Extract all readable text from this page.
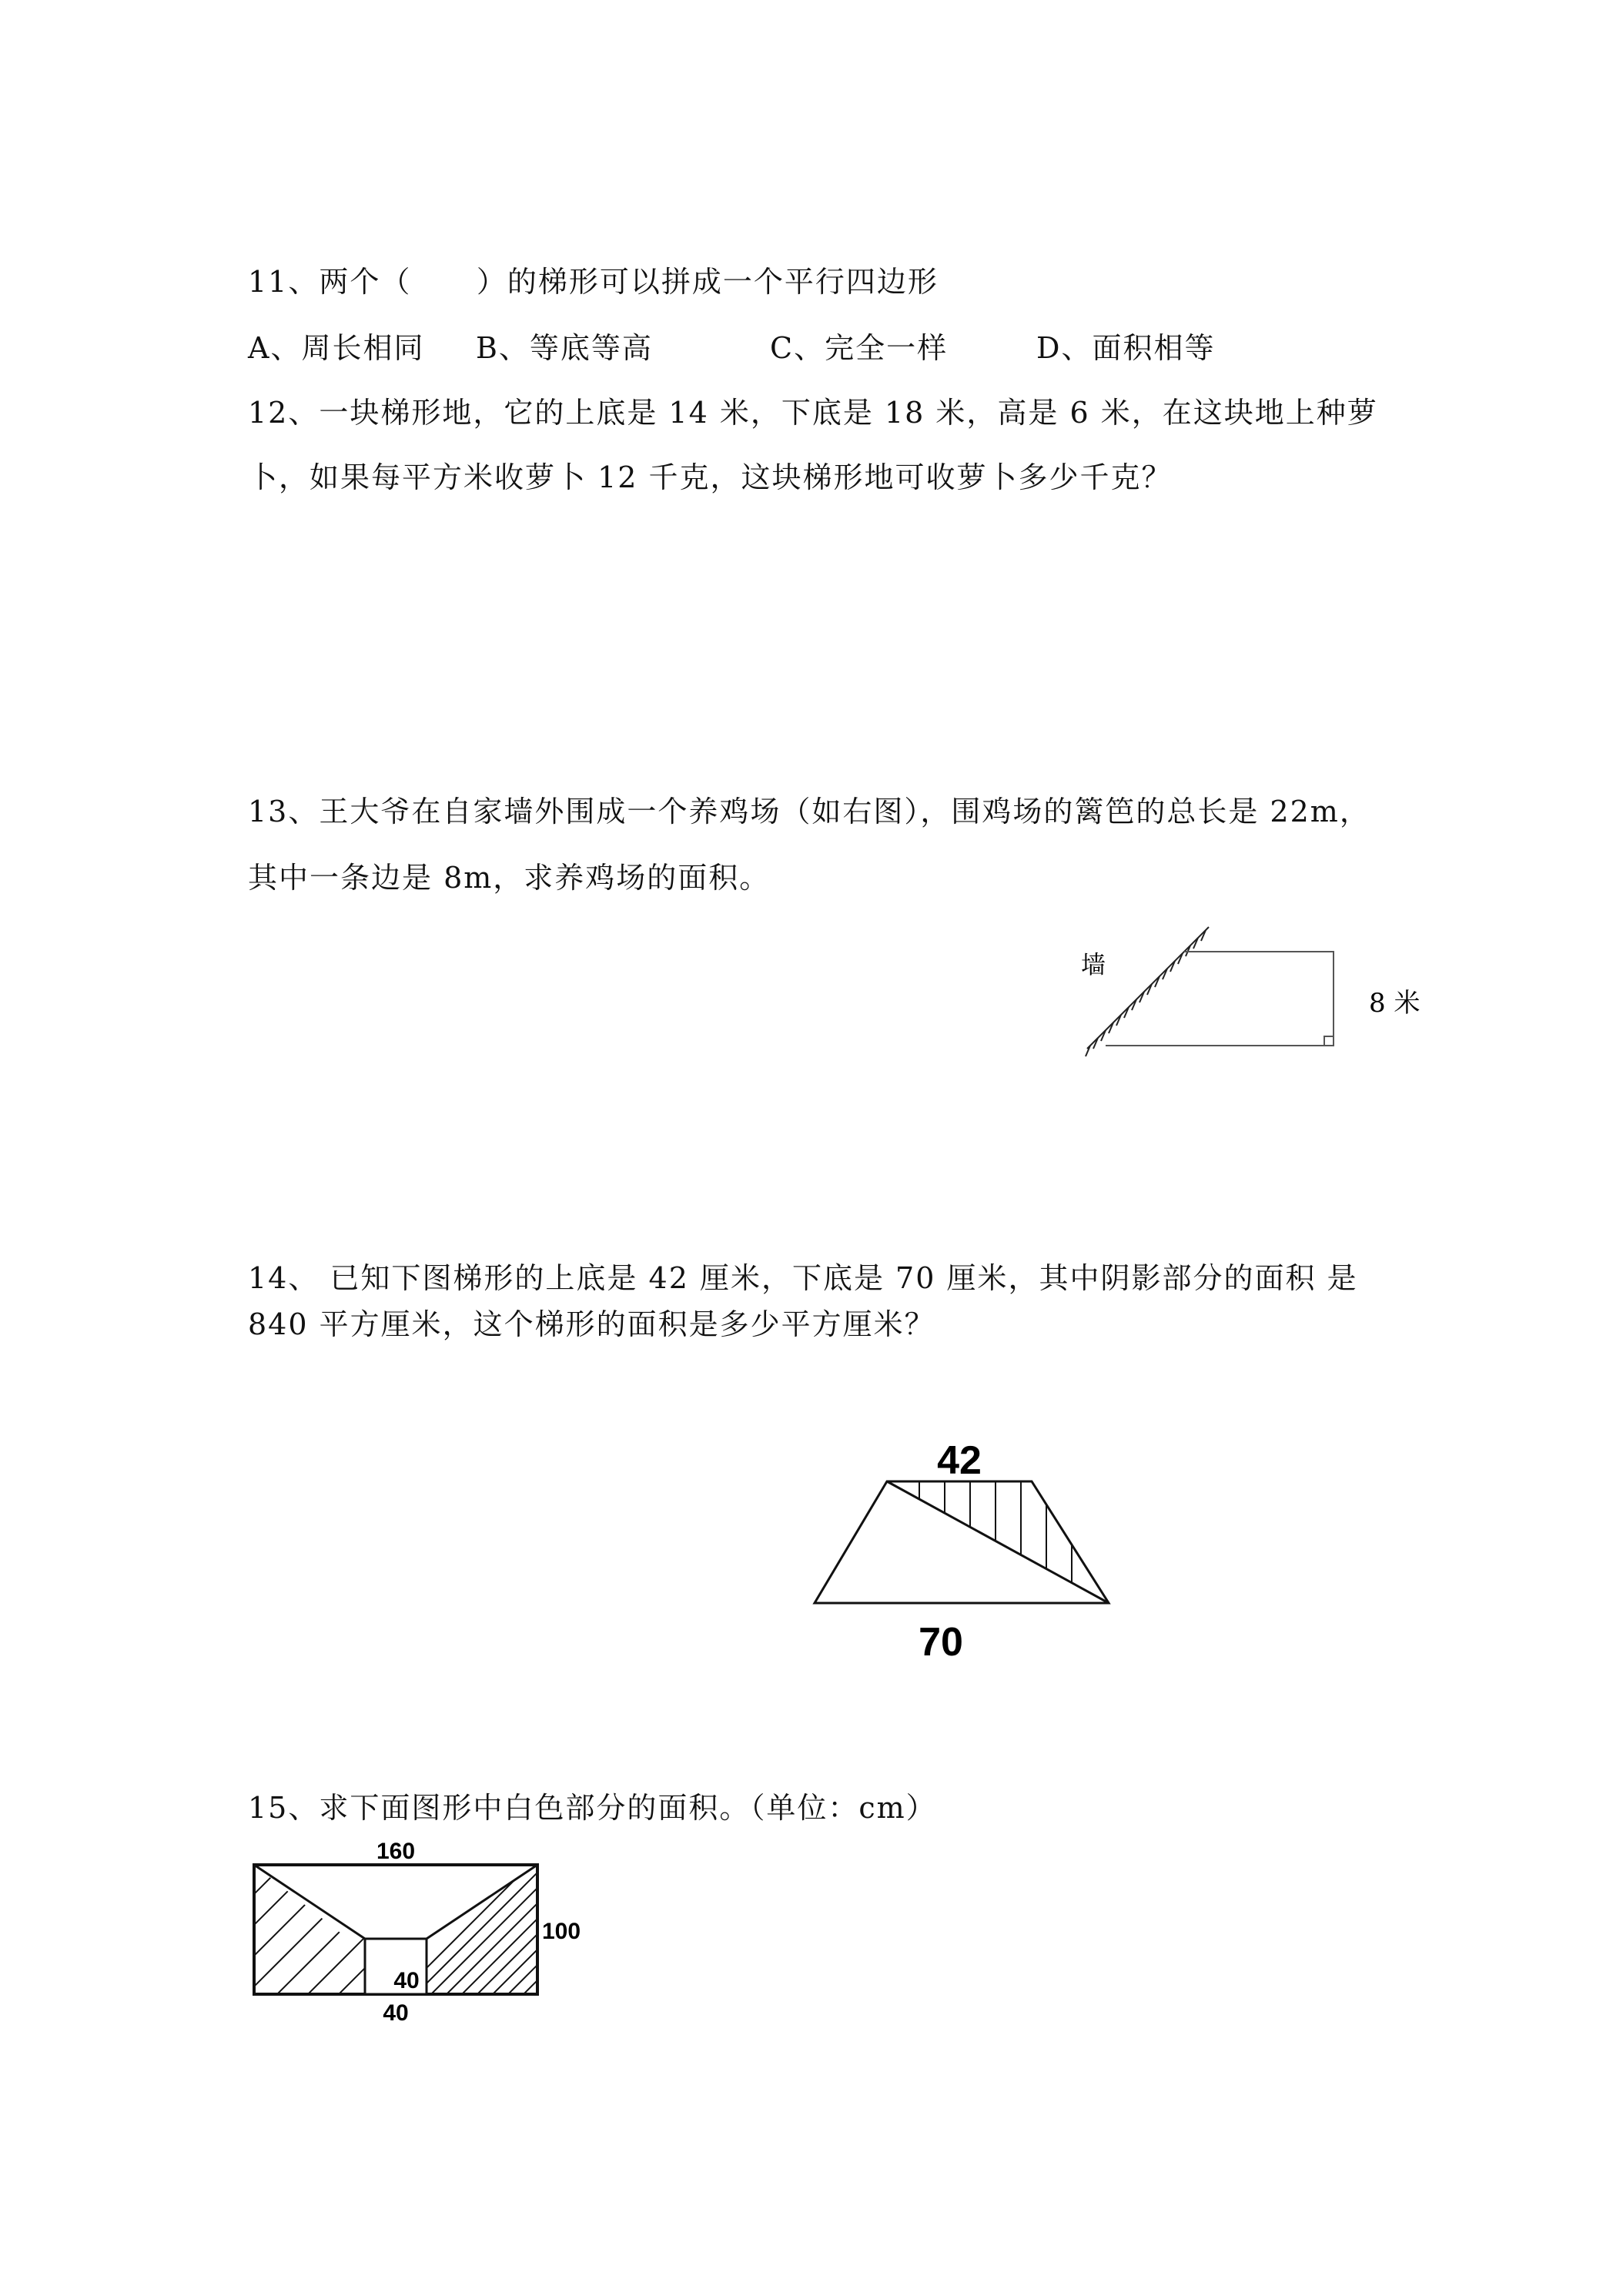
11、两个（      ）的梯形可以拼成一个平行四边形
A、周长相同 B、等底等高	C、完全一样	D、面积相等
12、一块梯形地，它的上底是 14 米，下底是 18 米，高是 6 米，在这块地上种萝
卜，如果每平方米收萝卜 12 千克，这块梯形地可收萝卜多少千克？
13、王大爷在自家墙外围成一个养鸡场（如右图），围鸡场的篱笆的总长是 22m，
其中一条边是 8m，求养鸡场的面积。
墙
8 米
14、 已知下图梯形的上底是 42 厘米，下底是 70 厘米，其中阴影部分的面积 是
840 平方厘米，这个梯形的面积是多少平方厘米？
42
70
15、求下面图形中白色部分的面积。（单位：cm）
160
100
40
40
